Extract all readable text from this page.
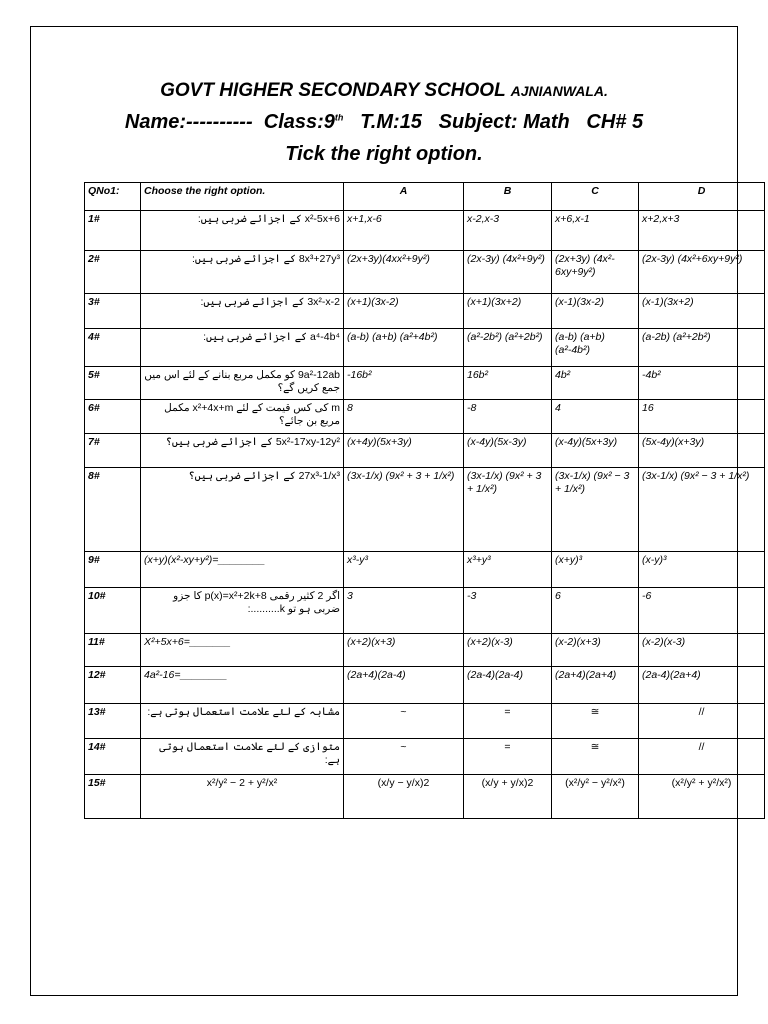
GOVT HIGHER SECONDARY SCHOOL AJNIANWALA.
Name:---------- Class:9th T.M:15 Subject: Math CH# 5
Tick the right option.
QNo1:	Choose the right option.	A	B	C	D
1#	x²-5x+6 کے اجزائے ضربی ہیں:	x+1,x-6	x-2,x-3	x+6,x-1	x+2,x+3
2#	8x³+27y³ کے اجزائے ضربی ہیں:	(2x+3y)(4xx²+9y²)	(2x-3y) (4x²+9y²)	(2x+3y) (4x²- 6xy+9y²)	(2x-3y) (4x²+6xy+9y²)
3#	3x²-x-2 کے اجزائے ضربی ہیں:	(x+1)(3x-2)	(x+1)(3x+2)	(x-1)(3x-2)	(x-1)(3x+2)
4#	a⁴-4b⁴ کے اجزائے ضربی ہیں:	(a-b) (a+b) (a²+4b²)	(a²-2b²) (a²+2b²)	(a-b) (a+b) (a²-4b²)	(a-2b) (a²+2b²)
5#	9a²-12ab کو مکمل مربع بنانے کے لئے اس میں جمع کریں گے؟	-16b²	16b²	4b²	-4b²
6#	m کی کس قیمت کے لئے x²+4x+m مکمل مربع بن جائے؟	8	-8	4	16
7#	5x²-17xy-12y² کے اجزائے ضربی ہیں؟	(x+4y)(5x+3y)	(x-4y)(5x-3y)	(x-4y)(5x+3y)	(5x-4y)(x+3y)
8#	27x³-1/x³ کے اجزائے ضربی ہیں؟	(3x-1/x) (9x² + 3 + 1/x²)	(3x-1/x) (9x² + 3 + 1/x²)	(3x-1/x) (9x² − 3 + 1/x²)	(3x-1/x) (9x² − 3 + 1/x²)
9#	(x+y)(x²-xy+y²)=________	x³-y³	x³+y³	(x+y)³	(x-y)³
10#	اگر 2 کثیر رقمی p(x)=x²+2k+8 کا جزو ضربی ہو تو k..........:	3	-3	6	-6
11#	X²+5x+6=_______	(x+2)(x+3)	(x+2)(x-3)	(x-2)(x+3)	(x-2)(x-3)
12#	4a²-16=________	(2a+4)(2a-4)	(2a-4)(2a-4)	(2a+4)(2a+4)	(2a-4)(2a+4)
13#	مشابہ کے لئے علامت استعمال ہوتی ہے:	~	=	≅	//
14#	متوازی کے لئے علامت استعمال ہوتی ہے:	~	=	≅	//
15#	x²/y² − 2 + y²/x²	(x/y − y/x)2	(x/y + y/x)2	(x²/y² − y²/x²)	(x²/y² + y²/x²)
